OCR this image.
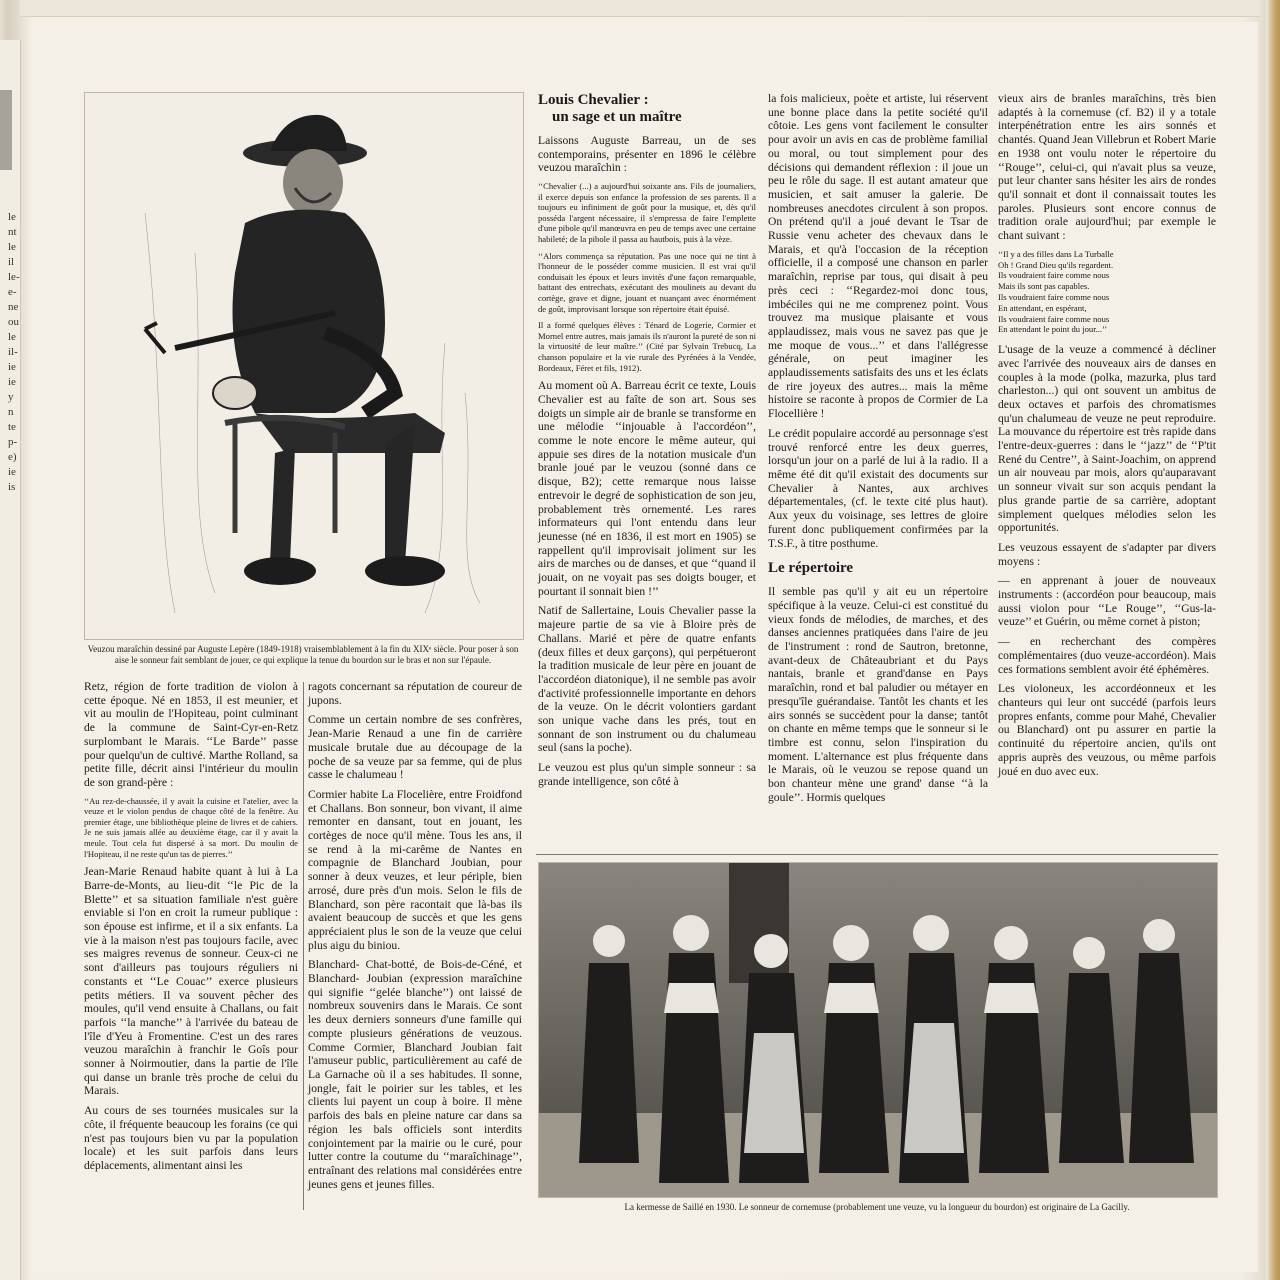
le
nt
le
il
le-
e-
ne
ou
le
il-
ie
ie
y
n
te
p-
e)
ie
is
Veuzou maraîchin dessiné par Auguste Lepère (1849-1918) vraisemblablement à la fin du XIXᵉ siècle. Pour poser à son aise le sonneur fait semblant de jouer, ce qui explique la tenue du bourdon sur le bras et non sur l'épaule.

Retz, région de forte tradition de violon à cette époque. Né en 1853, il est meunier, et vit au moulin de l'Hopiteau, point culminant de la commune de Saint-Cyr-en-Retz surplombant le Marais. ‘‘Le Barde’’ passe pour quelqu'un de cultivé. Marthe Rolland, sa petite fille, décrit ainsi l'intérieur du moulin de son grand-père :

‘‘Au rez-de-chaussée, il y avait la cuisine et l'atelier, avec la veuze et le violon pendus de chaque côté de la fenêtre. Au premier étage, une bibliothèque pleine de livres et de cahiers. Je ne suis jamais allée au deuxième étage, car il y avait la meule. Tout cela fut dispersé à sa mort. Du moulin de l'Hopiteau, il ne reste qu'un tas de pierres.’’

Jean-Marie Renaud habite quant à lui à La Barre-de-Monts, au lieu-dit ‘‘le Pic de la Blette’’ et sa situation familiale n'est guère enviable si l'on en croit la rumeur publique : son épouse est infirme, et il a six enfants. La vie à la maison n'est pas toujours facile, avec ses maigres revenus de sonneur. Ceux-ci ne sont d'ailleurs pas toujours réguliers ni constants et ‘‘Le Couac’’ exerce plusieurs petits métiers. Il va souvent pêcher des moules, qu'il vend ensuite à Challans, ou fait parfois ‘‘la manche’’ à l'arrivée du bateau de l'île d'Yeu à Fromentine. C'est un des rares veuzou maraîchin à franchir le Goîs pour sonner à Noirmoutier, dans la partie de l'île qui danse un branle très proche de celui du Marais.

Au cours de ses tournées musicales sur la côte, il fréquente beaucoup les forains (ce qui n'est pas toujours bien vu par la population locale) et les suit parfois dans leurs déplacements, alimentant ainsi les

ragots concernant sa réputation de coureur de jupons.

Comme un certain nombre de ses confrères, Jean-Marie Renaud a une fin de carrière musicale brutale due au découpage de la poche de sa veuze par sa femme, qui de plus casse le chalumeau !

Cormier habite La Flocelière, entre Froidfond et Challans. Bon sonneur, bon vivant, il aime remonter en dansant, tout en jouant, les cortèges de noce qu'il mène. Tous les ans, il se rend à la mi-carême de Nantes en compagnie de Blanchard Joubian, pour sonner à deux veuzes, et leur périple, bien arrosé, dure près d'un mois. Selon le fils de Blanchard, son père racontait que là-bas ils avaient beaucoup de succès et que les gens appréciaient plus le son de la veuze que celui plus aigu du biniou.

Blanchard- Chat-botté, de Bois-de-Céné, et Blanchard- Joubian (expression maraîchine qui signifie ‘‘gelée blanche’’) ont laissé de nombreux souvenirs dans le Marais. Ce sont les deux derniers sonneurs d'une famille qui compte plusieurs générations de veuzous. Comme Cormier, Blanchard Joubian fait l'amuseur public, particulièrement au café de La Garnache où il a ses habitudes. Il sonne, jongle, fait le poirier sur les tables, et les clients lui payent un coup à boire. Il mène parfois des bals en pleine nature car dans sa région les bals officiels sont interdits conjointement par la mairie ou le curé, pour lutter contre la coutume du ‘‘maraîchinage’’, entraînant des relations mal considérées entre jeunes gens et jeunes filles.

Louis Chevalier :
un sage et un maître

Laissons Auguste Barreau, un de ses contemporains, présenter en 1896 le célèbre veuzou maraîchin :

‘‘Chevalier (...) a aujourd'hui soixante ans. Fils de journaliers, il exerce depuis son enfance la profession de ses parents. Il a toujours eu infiniment de goût pour la musique, et, dès qu'il posséda l'argent nécessaire, il s'empressa de faire l'emplette d'une pibole qu'il manœuvra en peu de temps avec une certaine habileté; de la pibole il passa au hautbois, puis à la vèze.

‘‘Alors commença sa réputation. Pas une noce qui ne tint à l'honneur de le posséder comme musicien. Il est vrai qu'il conduisait les époux et leurs invités d'une façon remarquable, battant des entrechats, exécutant des moulinets au devant du cortège, grave et digne, jouant et nuançant avec énormément de goût, improvisant lorsque son répertoire était épuisé.

Il a formé quelques élèves : Ténard de Logerie, Cormier et Mornel entre autres, mais jamais ils n'auront la pureté de son ni la virtuosité de leur maître.’’ (Cité par Sylvain Trebucq, La chanson populaire et la vie rurale des Pyrénées à la Vendée, Bordeaux, Féret et fils, 1912).

Au moment où A. Barreau écrit ce texte, Louis Chevalier est au faîte de son art. Sous ses doigts un simple air de branle se transforme en une mélodie ‘‘injouable à l'accordéon’’, comme le note encore le même auteur, qui appuie ses dires de la notation musicale d'un branle joué par le veuzou (sonné dans ce disque, B2); cette remarque nous laisse entrevoir le degré de sophistication de son jeu, probablement très ornementé. Les rares informateurs qui l'ont entendu dans leur jeunesse (né en 1836, il est mort en 1905) se rappellent qu'il improvisait joliment sur les airs de marches ou de danses, et que ‘‘quand il jouait, on ne voyait pas ses doigts bouger, et pourtant il sonnait bien !’’

Natif de Sallertaine, Louis Chevalier passe la majeure partie de sa vie à Bloire près de Challans. Marié et père de quatre enfants (deux filles et deux garçons), qui perpétueront la tradition musicale de leur père en jouant de l'accordéon diatonique), il ne semble pas avoir d'activité professionnelle importante en dehors de la veuze. On le décrit volontiers gardant son unique vache dans les prés, tout en sonnant de son instrument ou du chalumeau seul (sans la poche).

Le veuzou est plus qu'un simple sonneur : sa grande intelligence, son côté à

la fois malicieux, poète et artiste, lui réservent une bonne place dans la petite société qu'il côtoie. Les gens vont facilement le consulter pour avoir un avis en cas de problème familial ou moral, ou tout simplement pour des décisions qui demandent réflexion : il joue un peu le rôle du sage. Il est autant amateur que musicien, et sait amuser la galerie. De nombreuses anecdotes circulent à son propos. On prétend qu'il a joué devant le Tsar de Russie venu acheter des chevaux dans le Marais, et qu'à l'occasion de la réception officielle, il a composé une chanson en parler maraîchin, reprise par tous, qui disait à peu près ceci : ‘‘Regardez-moi donc tous, imbéciles qui ne me comprenez point. Vous trouvez ma musique plaisante et vous applaudissez, mais vous ne savez pas que je me moque de vous...’’ et dans l'allégresse générale, on peut imaginer les applaudissements satisfaits des uns et les éclats de rire joyeux des autres... mais la même histoire se raconte à propos de Cormier de La Flocellière !

Le crédit populaire accordé au personnage s'est trouvé renforcé entre les deux guerres, lorsqu'un jour on a parlé de lui à la radio. Il a même été dit qu'il existait des documents sur Chevalier à Nantes, aux archives départementales, (cf. le texte cité plus haut). Aux yeux du voisinage, ses lettres de gloire furent donc publiquement confirmées par la T.S.F., à titre posthume.

Le répertoire

Il semble pas qu'il y ait eu un répertoire spécifique à la veuze. Celui-ci est constitué du vieux fonds de mélodies, de marches, et des danses anciennes pratiquées dans l'aire de jeu de l'instrument : rond de Sautron, bretonne, avant-deux de Châteaubriant et du Pays nantais, branle et grand'danse en Pays maraîchin, rond et bal paludier ou métayer en presqu'île guérandaise. Tantôt les chants et les airs sonnés se succèdent pour la danse; tantôt on chante en même temps que le sonneur si le timbre est connu, selon l'inspiration du moment. L'alternance est plus fréquente dans le Marais, où le veuzou se repose quand un bon chanteur mène une grand' danse ‘‘à la goule’’. Hormis quelques

vieux airs de branles maraîchins, très bien adaptés à la cornemuse (cf. B2) il y a totale interpénétration entre les airs sonnés et chantés. Quand Jean Villebrun et Robert Marie en 1938 ont voulu noter le répertoire du ‘‘Rouge’’, celui-ci, qui n'avait plus sa veuze, put leur chanter sans hésiter les airs de rondes qu'il sonnait et dont il connaissait toutes les paroles. Plusieurs sont encore connus de tradition orale aujourd'hui; par exemple le chant suivant :

‘‘Il y a des filles dans La Turballe
Oh ! Grand Dieu qu'ils regardent.
Ils voudraient faire comme nous
Mais ils sont pas capables.
Ils voudraient faire comme nous
En attendant, en espérant,
Ils voudraient faire comme nous
En attendant le point du jour...’’

L'usage de la veuze a commencé à décliner avec l'arrivée des nouveaux airs de danses en couples à la mode (polka, mazurka, plus tard charleston...) qui ont souvent un ambitus de deux octaves et parfois des chromatismes qu'un chalumeau de veuze ne peut reproduire. La mouvance du répertoire est très rapide dans l'entre-deux-guerres : dans le ‘‘jazz’’ de ‘‘P'tit René du Centre’’, à Saint-Joachim, on apprend un air nouveau par mois, alors qu'auparavant un sonneur vivait sur son acquis pendant la plus grande partie de sa carrière, adoptant simplement quelques mélodies selon les opportunités.

Les veuzous essayent de s'adapter par divers moyens :

— en apprenant à jouer de nouveaux instruments : (accordéon pour beaucoup, mais aussi violon pour ‘‘Le Rouge’’, ‘‘Gus-la-veuze’’ et Guérin, ou même cornet à piston;

— en recherchant des compères complémentaires (duo veuze-accordéon). Mais ces formations semblent avoir été éphémères.

Les violoneux, les accordéonneux et les chanteurs qui leur ont succédé (parfois leurs propres enfants, comme pour Mahé, Chevalier ou Blanchard) ont pu assurer en partie la continuité du répertoire ancien, qu'ils ont appris auprès des veuzous, ou même parfois joué en duo avec eux.

La kermesse de Saillé en 1930. Le sonneur de cornemuse (probablement une veuze, vu la longueur du bourdon) est originaire de La Gacilly.
